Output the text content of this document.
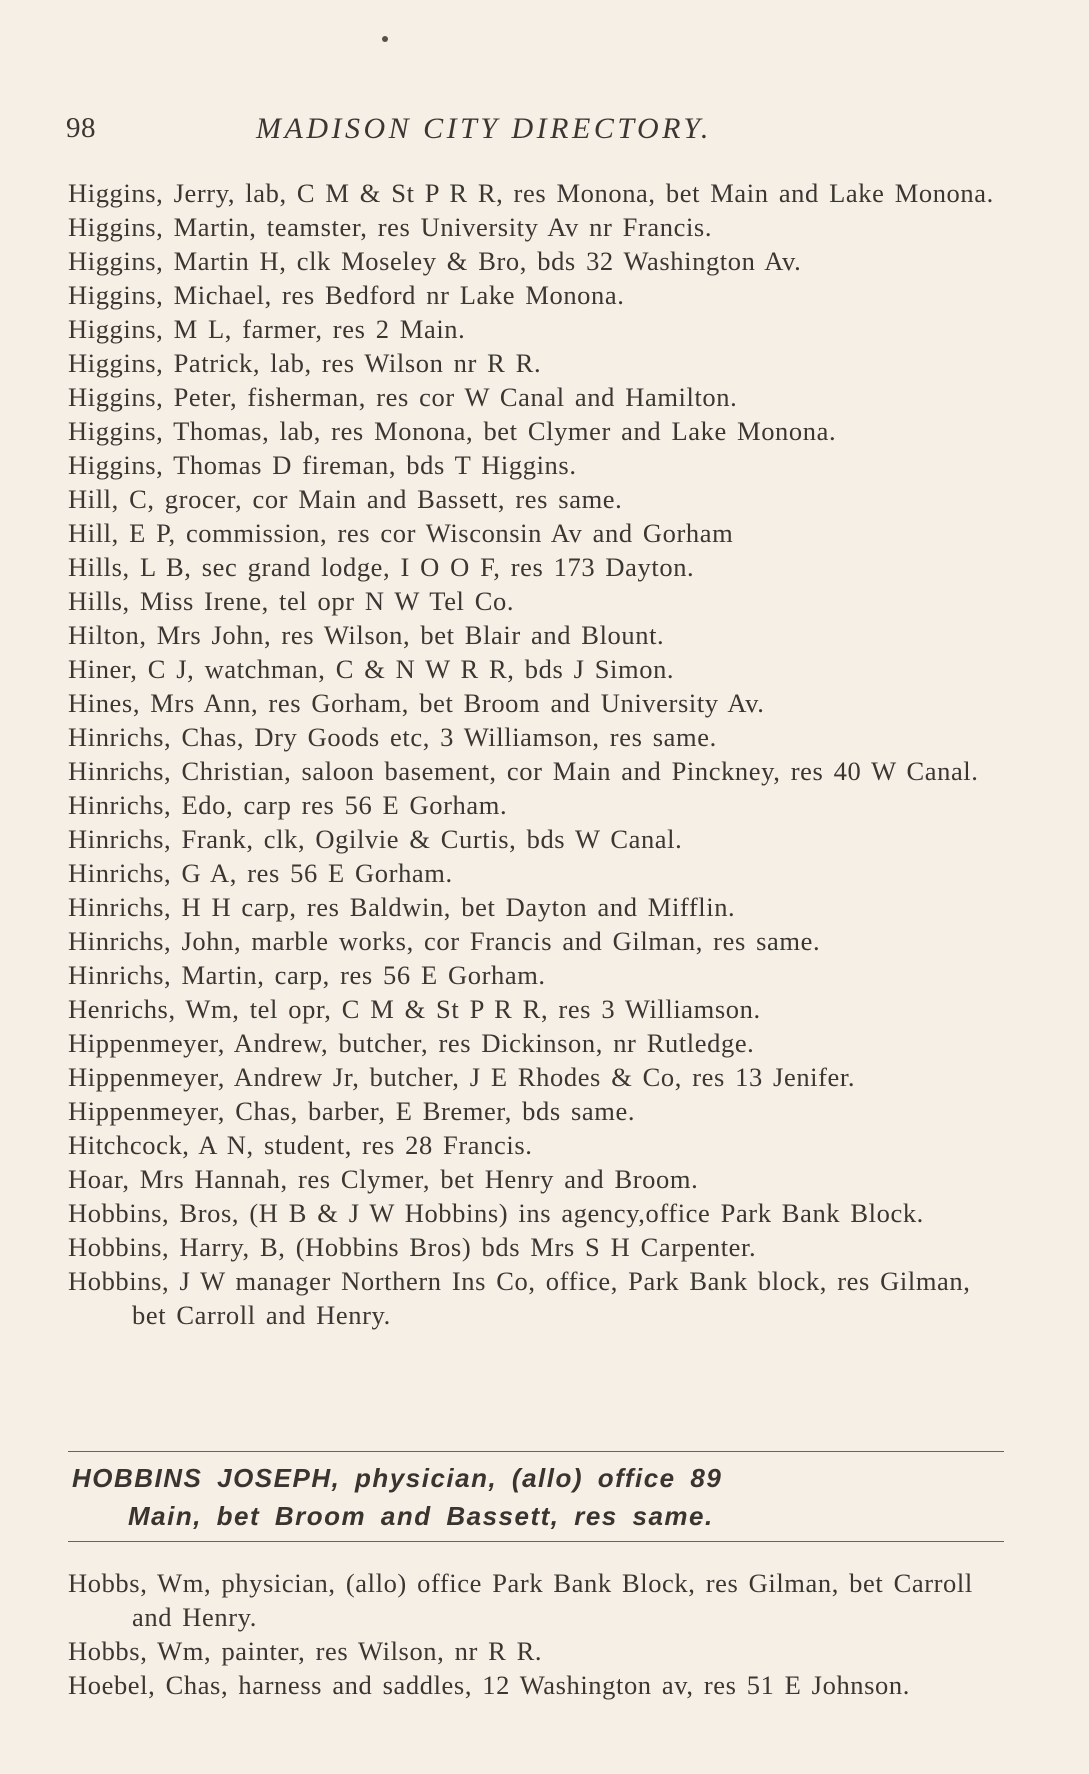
98	MADISON CITY DIRECTORY.

Higgins, Jerry, lab, C M & St P R R, res Monona, bet Main and Lake Monona.

Higgins, Martin, teamster, res University Av nr Francis.

Higgins, Martin H, clk Moseley & Bro, bds 32 Washington Av.

Higgins, Michael, res Bedford nr Lake Monona.

Higgins, M L, farmer, res 2 Main.

Higgins, Patrick, lab, res Wilson nr R R.

Higgins, Peter, fisherman, res cor W Canal and Hamilton.

Higgins, Thomas, lab, res Monona, bet Clymer and Lake Monona.

Higgins, Thomas D fireman, bds T Higgins.

Hill, C, grocer, cor Main and Bassett, res same.

Hill, E P, commission, res cor Wisconsin Av and Gorham

Hills, L B, sec grand lodge, I O O F, res 173 Dayton.

Hills, Miss Irene, tel opr N W Tel Co.

Hilton, Mrs John, res Wilson, bet Blair and Blount.

Hiner, C J, watchman, C & N W R R, bds J Simon.

Hines, Mrs Ann, res Gorham, bet Broom and University Av.

Hinrichs, Chas, Dry Goods etc, 3 Williamson, res same.

Hinrichs, Christian, saloon basement, cor Main and Pinckney, res 40 W Canal.

Hinrichs, Edo, carp res 56 E Gorham.

Hinrichs, Frank, clk, Ogilvie & Curtis, bds W Canal.

Hinrichs, G A, res 56 E Gorham.

Hinrichs, H H carp, res Baldwin, bet Dayton and Mifflin.

Hinrichs, John, marble works, cor Francis and Gilman, res same.

Hinrichs, Martin, carp, res 56 E Gorham.

Henrichs, Wm, tel opr, C M & St P R R, res 3 Williamson.

Hippenmeyer, Andrew, butcher, res Dickinson, nr Rutledge.

Hippenmeyer, Andrew Jr, butcher, J E Rhodes & Co, res 13 Jenifer.

Hippenmeyer, Chas, barber, E Bremer, bds same.

Hitchcock, A N, student, res 28 Francis.

Hoar, Mrs Hannah, res Clymer, bet Henry and Broom.

Hobbins, Bros, (H B & J W Hobbins) ins agency,office Park Bank Block.

Hobbins, Harry, B, (Hobbins Bros) bds Mrs S H Carpenter.

Hobbins, J W manager Northern Ins Co, office, Park Bank block, res Gilman, bet Carroll and Henry.

HOBBINS JOSEPH, physician, (allo) office 89
Main, bet Broom and Bassett, res same.

Hobbs, Wm, physician, (allo) office Park Bank Block, res Gilman, bet Carroll and Henry.

Hobbs, Wm, painter, res Wilson, nr R R.

Hoebel, Chas, harness and saddles, 12 Washington av, res 51 E Johnson.
